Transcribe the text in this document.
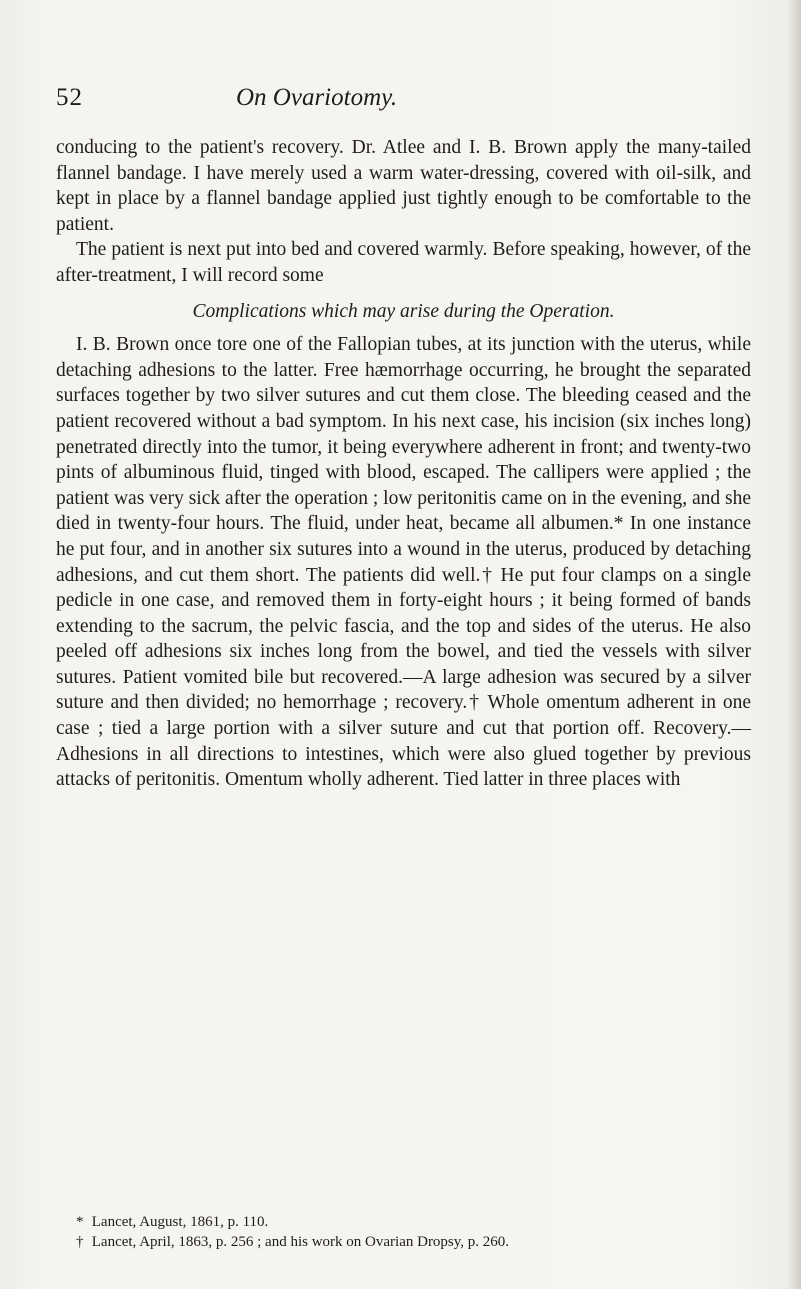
52	On Ovariotomy.

conducing to the patient's recovery. Dr. Atlee and I. B. Brown apply the many-tailed flannel bandage. I have merely used a warm water-dressing, covered with oil-silk, and kept in place by a flannel bandage applied just tightly enough to be comfortable to the patient.

The patient is next put into bed and covered warmly. Before speaking, however, of the after-treatment, I will record some

Complications which may arise during the Operation.

I. B. Brown once tore one of the Fallopian tubes, at its junction with the uterus, while detaching adhesions to the latter. Free hæmorrhage occurring, he brought the separated surfaces together by two silver sutures and cut them close. The bleeding ceased and the patient recovered without a bad symptom. In his next case, his incision (six inches long) penetrated directly into the tumor, it being everywhere adherent in front; and twenty-two pints of albuminous fluid, tinged with blood, escaped. The callipers were applied ; the patient was very sick after the operation ; low peritonitis came on in the evening, and she died in twenty-four hours. The fluid, under heat, became all albumen.* In one instance he put four, and in another six sutures into a wound in the uterus, produced by detaching adhesions, and cut them short. The patients did well.† He put four clamps on a single pedicle in one case, and removed them in forty-eight hours ; it being formed of bands extending to the sacrum, the pelvic fascia, and the top and sides of the uterus. He also peeled off adhesions six inches long from the bowel, and tied the vessels with silver sutures. Patient vomited bile but recovered.—A large adhesion was secured by a silver suture and then divided; no hemorrhage ; recovery.† Whole omentum adherent in one case ; tied a large portion with a silver suture and cut that portion off. Recovery.—Adhesions in all directions to intestines, which were also glued together by previous attacks of peritonitis. Omentum wholly adherent. Tied latter in three places with

* Lancet, August, 1861, p. 110.
† Lancet, April, 1863, p. 256 ; and his work on Ovarian Dropsy, p. 260.
